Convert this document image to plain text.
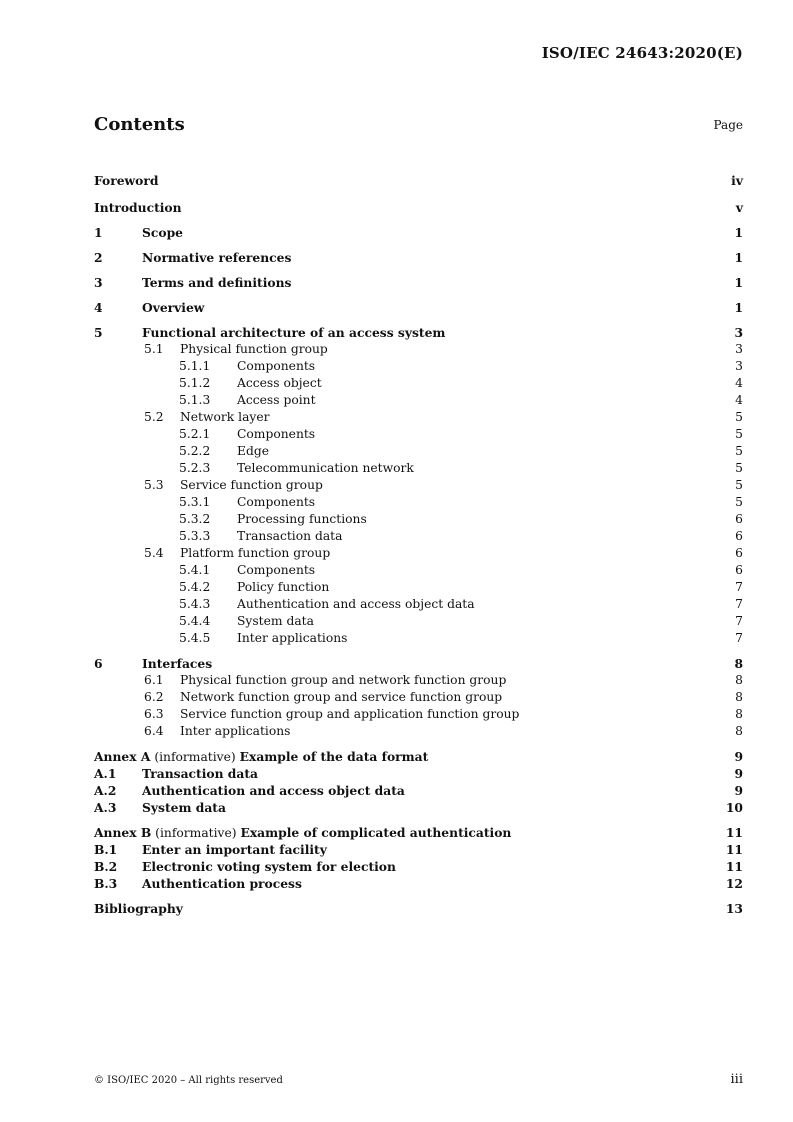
ISO/IEC 24643:2020(E)
Contents	Page
Foreword	iv
Introduction	v
1	Scope	1
2	Normative references	1
3	Terms and definitions	1
4	Overview	1
5	Functional architecture of an access system	3
5.1	Physical function group	3
5.1.1	Components	3
5.1.2	Access object	4
5.1.3	Access point	4
5.2	Network layer	5
5.2.1	Components	5
5.2.2	Edge	5
5.2.3	Telecommunication network	5
5.3	Service function group	5
5.3.1	Components	5
5.3.2	Processing functions	6
5.3.3	Transaction data	6
5.4	Platform function group	6
5.4.1	Components	6
5.4.2	Policy function	7
5.4.3	Authentication and access object data	7
5.4.4	System data	7
5.4.5	Inter applications	7
6	Interfaces	8
6.1	Physical function group and network function group	8
6.2	Network function group and service function group	8
6.3	Service function group and application function group	8
6.4	Inter applications	8
Annex A (informative) Example of the data format	9
A.1	Transaction data	9
A.2	Authentication and access object data	9
A.3	System data	10
Annex B (informative) Example of complicated authentication	11
B.1	Enter an important facility	11
B.2	Electronic voting system for election	11
B.3	Authentication process	12
Bibliography	13
© ISO/IEC 2020 – All rights reserved	iii
